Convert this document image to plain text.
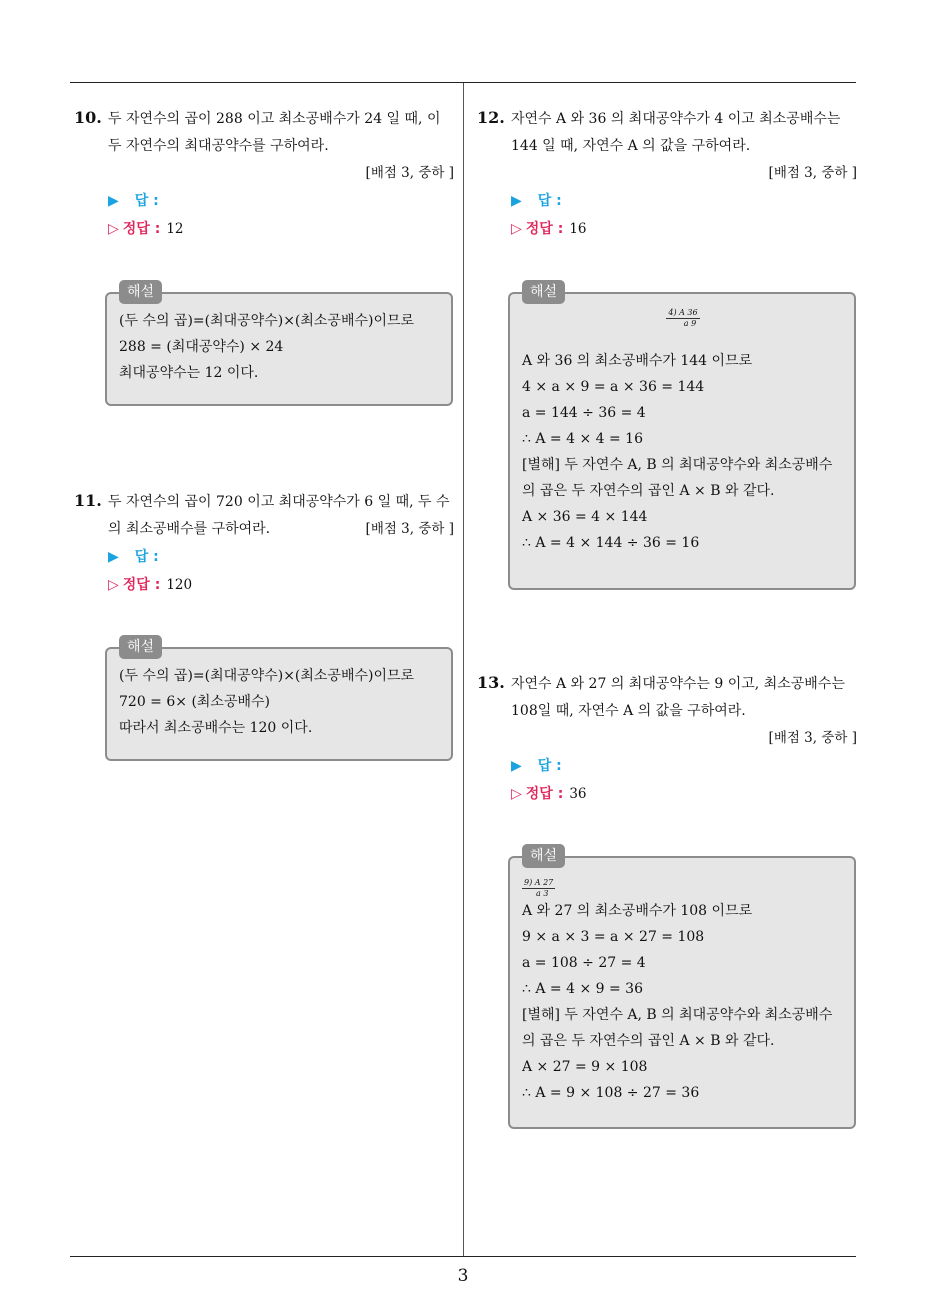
3
10. 두 자연수의 곱이 288 이고 최소공배수가 24 일 때, 이 두 자연수의 최대공약수를 구하여라.
[배점 3, 중하 ]
▶ 답 :
▷ 정답 : 12
해설

(두 수의 곱)=(최대공약수)×(최소공배수)이므로

288 = (최대공약수) × 24

최대공약수는 12 이다.

11. 두 자연수의 곱이 720 이고 최대공약수가 6 일 때, 두 수의 최소공배수를 구하여라.	[배점 3, 중하 ]
▶ 답 :
▷ 정답 : 120
해설

(두 수의 곱)=(최대공약수)×(최소공배수)이므로

720 = 6× (최소공배수)

따라서 최소공배수는 120 이다.

12. 자연수 A 와 36 의 최대공약수가 4 이고 최소공배수는 144 일 때, 자연수 A 의 값을 구하여라.
[배점 3, 중하 ]
▶ 답 :
▷ 정답 : 16
해설
$\frac{4) A 36}{a 9}$

A 와 36 의 최소공배수가 144 이므로

4 × a × 9 = a × 36 = 144

a = 144 ÷ 36 = 4

∴ A = 4 × 4 = 16

[별해] 두 자연수 A, B 의 최대공약수와 최소공배수의 곱은 두 자연수의 곱인 A × B 와 같다.

A × 36 = 4 × 144

∴ A = 4 × 144 ÷ 36 = 16

13. 자연수 A 와 27 의 최대공약수는 9 이고, 최소공배수는 108일 때, 자연수 A 의 값을 구하여라.
[배점 3, 중하 ]
▶ 답 :
▷ 정답 : 36
해설
$\frac{9) A 27}{a 3}$

A 와 27 의 최소공배수가 108 이므로

9 × a × 3 = a × 27 = 108

a = 108 ÷ 27 = 4

∴ A = 4 × 9 = 36

[별해] 두 자연수 A, B 의 최대공약수와 최소공배수의 곱은 두 자연수의 곱인 A × B 와 같다.

A × 27 = 9 × 108

∴ A = 9 × 108 ÷ 27 = 36
